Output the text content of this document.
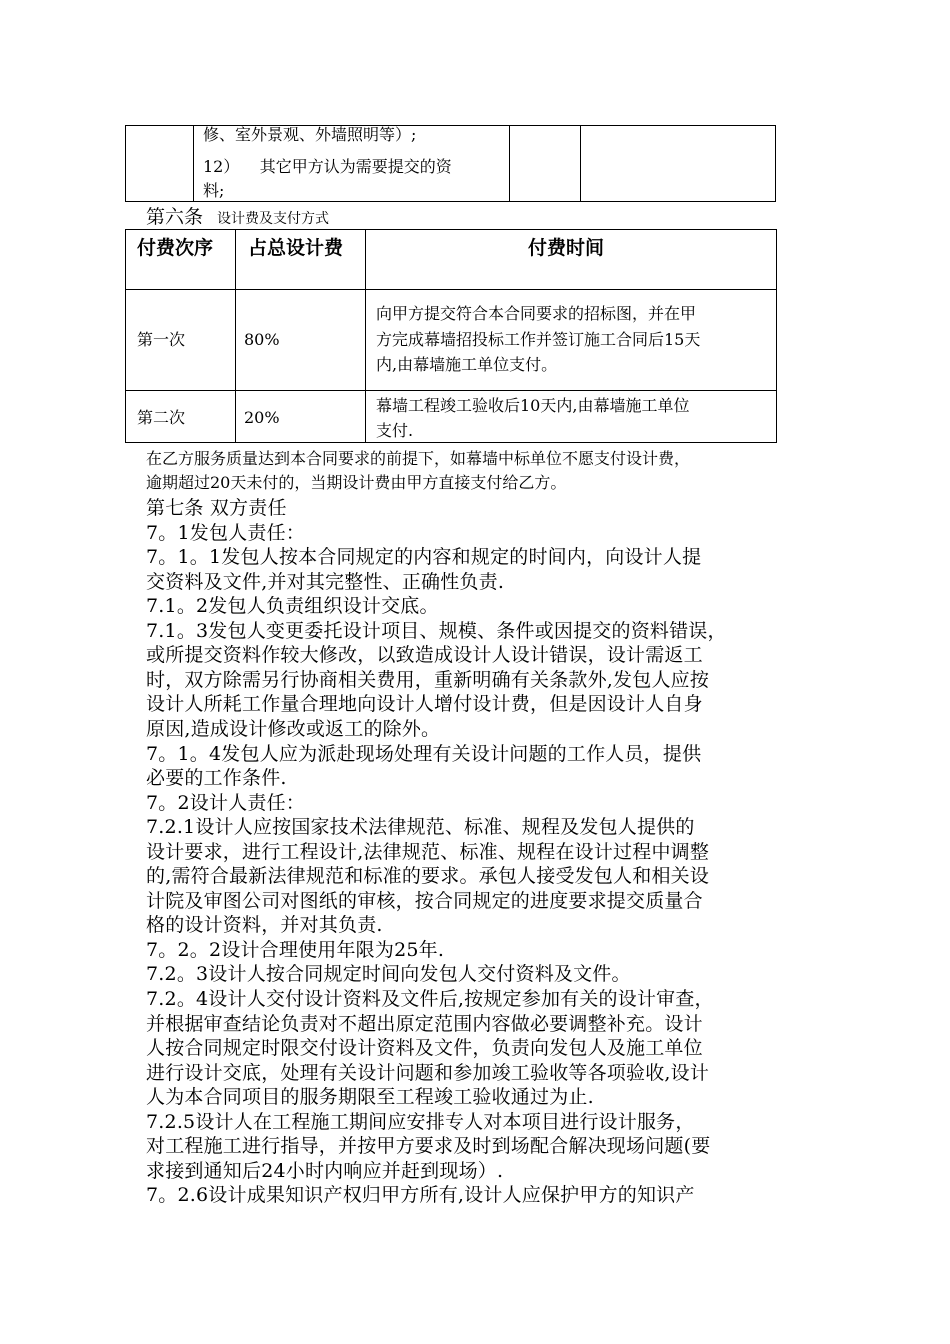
修、室外景观、外墙照明等）;
12）    其它甲方认为需要提交的资
料;
第六条 设计费及支付方式
付费次序 占总设计费	付费时间
第一次	80%
向甲方提交符合本合同要求的招标图，并在甲
方完成幕墙招投标工作并签订施工合同后15天
内,由幕墙施工单位支付。
第二次	20%
幕墙工程竣工验收后10天内,由幕墙施工单位
支付.
在乙方服务质量达到本合同要求的前提下，如幕墙中标单位不愿支付设计费，
逾期超过20天未付的，当期设计费由甲方直接支付给乙方。
第七条 双方责任
7。1发包人责任：
7。1。1发包人按本合同规定的内容和规定的时间内，向设计人提
交资料及文件,并对其完整性、正确性负责.
7.1。2发包人负责组织设计交底。
7.1。3发包人变更委托设计项目、规模、条件或因提交的资料错误，
或所提交资料作较大修改，以致造成设计人设计错误，设计需返工
时，双方除需另行协商相关费用，重新明确有关条款外,发包人应按
设计人所耗工作量合理地向设计人增付设计费，但是因设计人自身
原因,造成设计修改或返工的除外。
7。1。4发包人应为派赴现场处理有关设计问题的工作人员，提供
必要的工作条件.
7。2设计人责任：
7.2.1设计人应按国家技术法律规范、标准、规程及发包人提供的
设计要求，进行工程设计,法律规范、标准、规程在设计过程中调整
的,需符合最新法律规范和标准的要求。承包人接受发包人和相关设
计院及审图公司对图纸的审核，按合同规定的进度要求提交质量合
格的设计资料，并对其负责.
7。2。2设计合理使用年限为25年.
7.2。3设计人按合同规定时间向发包人交付资料及文件。
7.2。4设计人交付设计资料及文件后,按规定参加有关的设计审查，
并根据审查结论负责对不超出原定范围内容做必要调整补充。设计
人按合同规定时限交付设计资料及文件，负责向发包人及施工单位
进行设计交底，处理有关设计问题和参加竣工验收等各项验收,设计
人为本合同项目的服务期限至工程竣工验收通过为止.
7.2.5设计人在工程施工期间应安排专人对本项目进行设计服务，
对工程施工进行指导，并按甲方要求及时到场配合解决现场问题(要
求接到通知后24小时内响应并赶到现场）.
7。2.6设计成果知识产权归甲方所有,设计人应保护甲方的知识产
